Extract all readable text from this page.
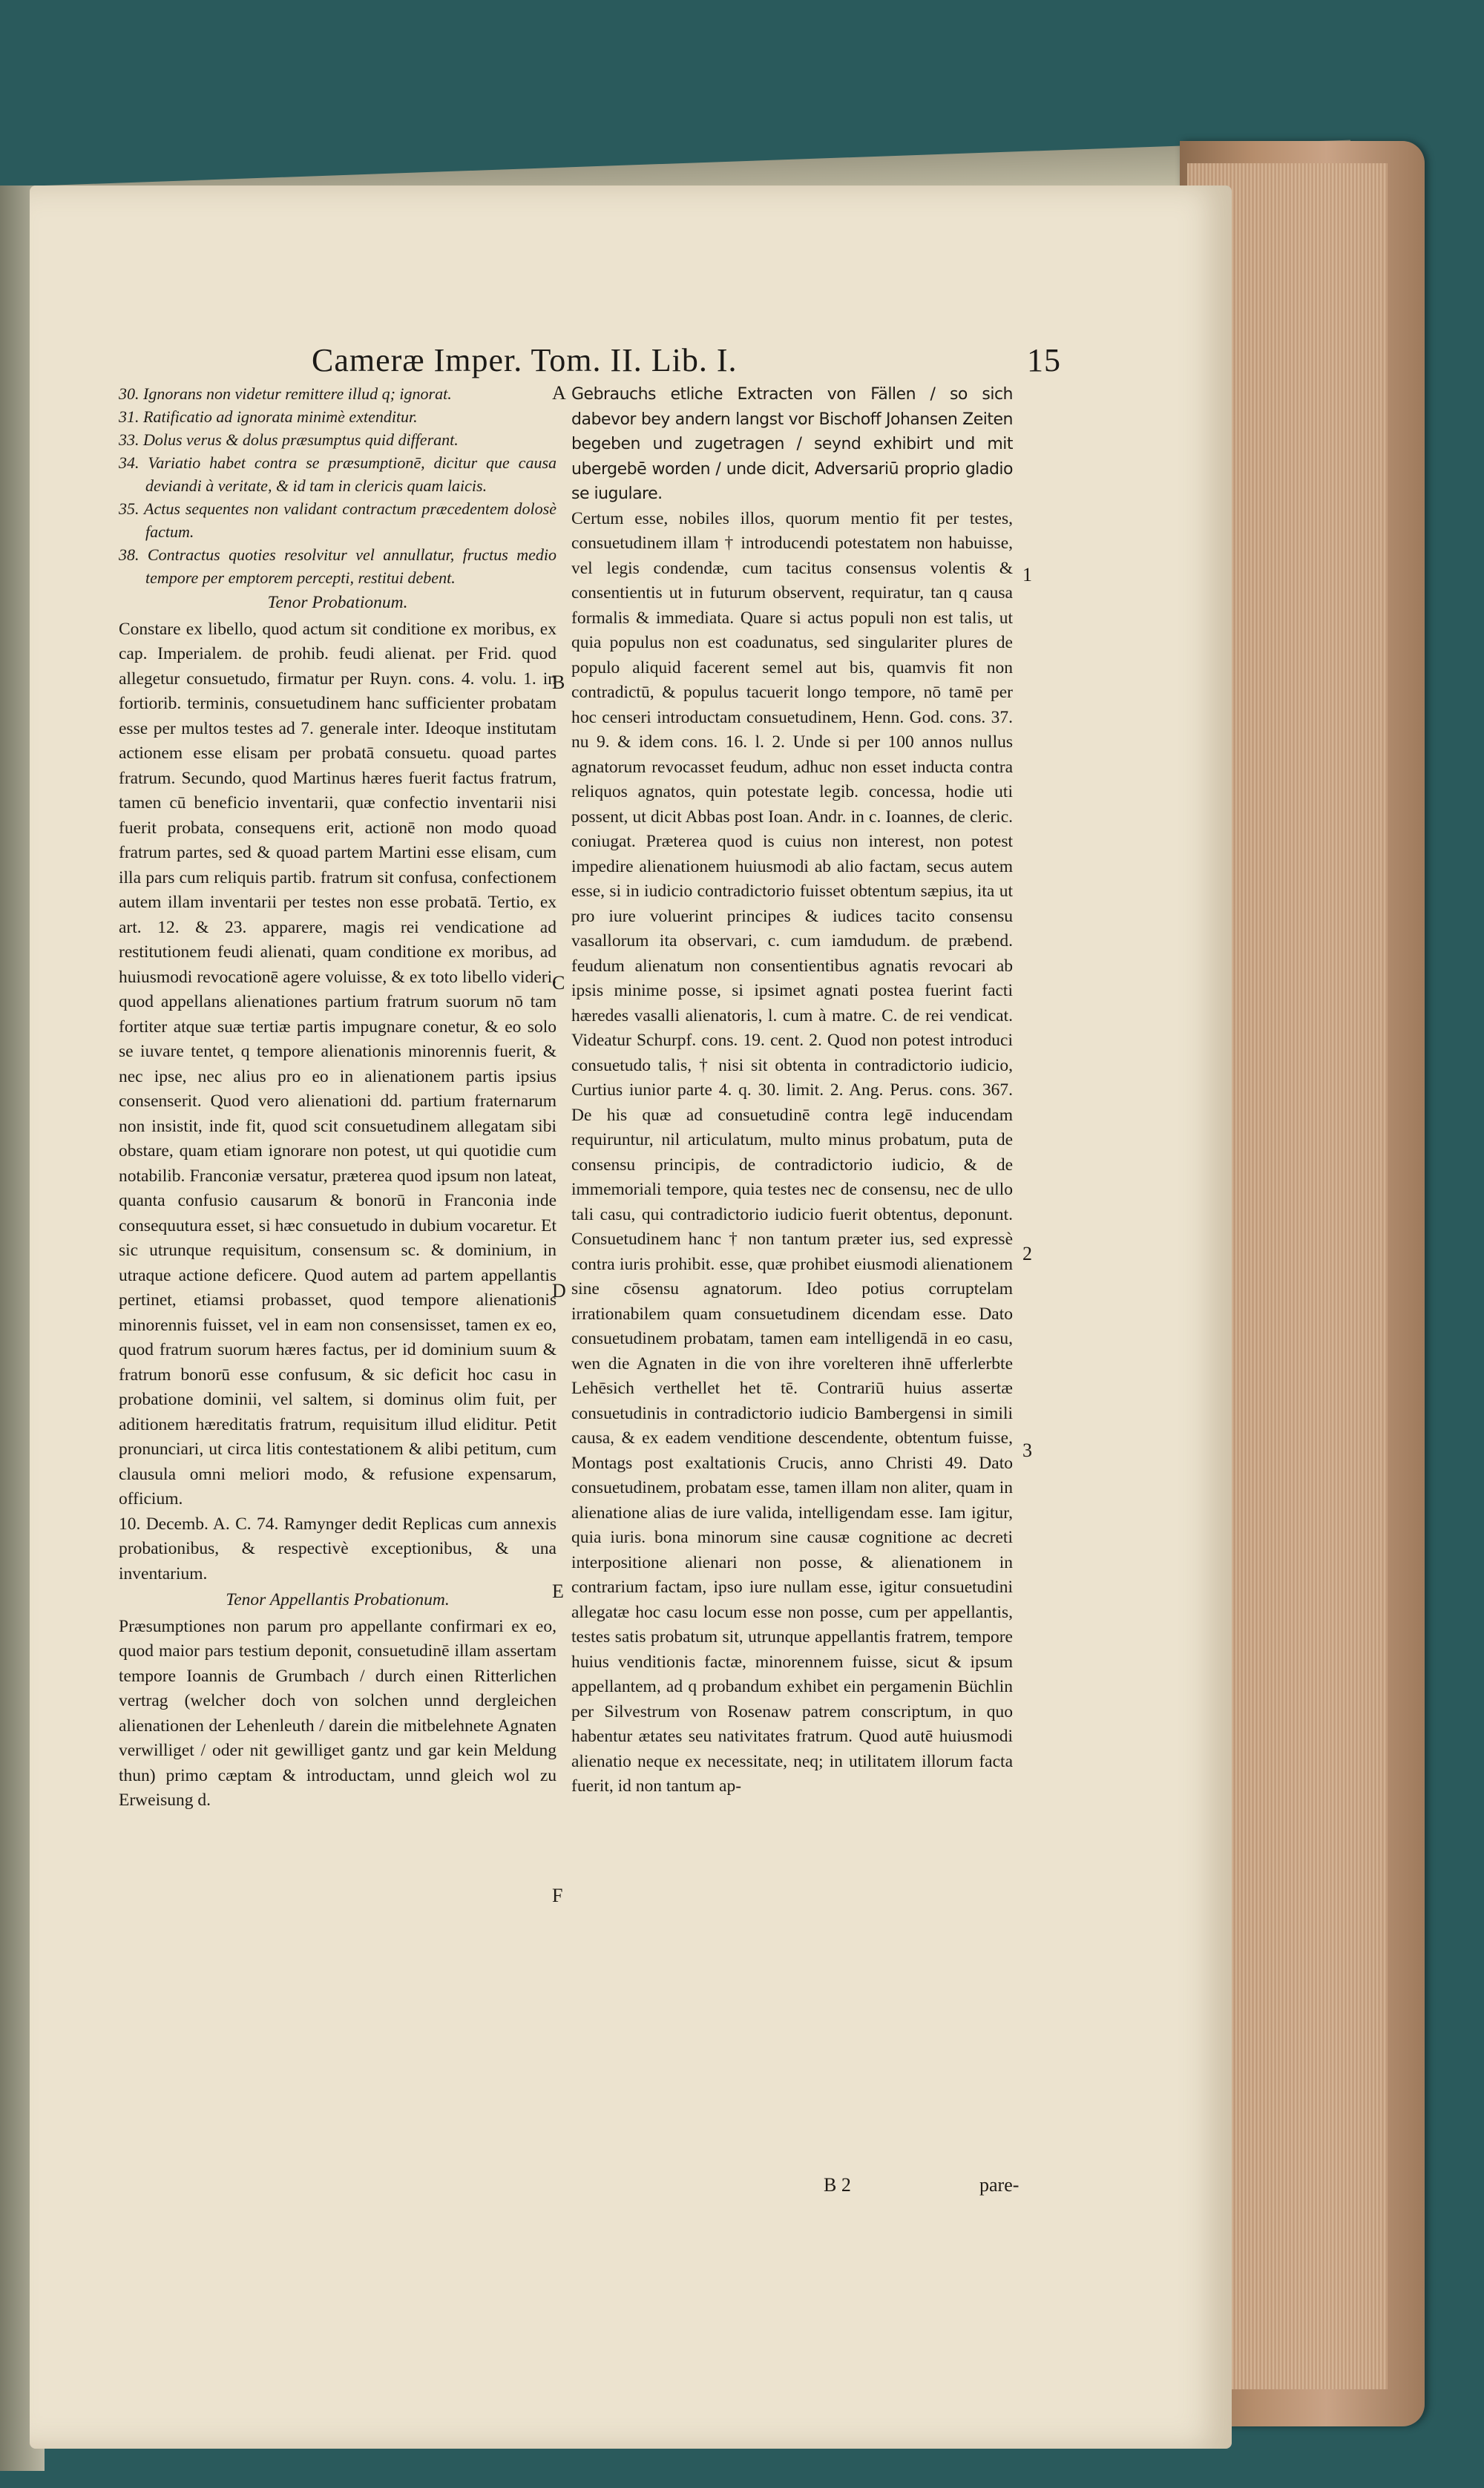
Cameræ Imper. Tom. II. Lib. I.	15

30. Ignorans non videtur remittere illud q; ignorat.

31. Ratificatio ad ignorata minimè extenditur.

33. Dolus verus & dolus præsumptus quid differant.

34. Variatio habet contra se præsumptionē, dicitur que causa deviandi à veritate, & id tam in clericis quam laicis.

35. Actus sequentes non validant contractum præcedentem dolosè factum.

38. Contractus quoties resolvitur vel annullatur, fructus medio tempore per emptorem percepti, restitui debent.

Tenor Probationum.

Constare ex libello, quod actum sit conditione ex moribus, ex cap. Imperialem. de prohib. feudi alienat. per Frid. quod allegetur consuetudo, firmatur per Ruyn. cons. 4. volu. 1. in fortiorib. terminis, consuetudinem hanc sufficienter probatam esse per multos testes ad 7. generale inter. Ideoque institutam actionem esse elisam per probatā consuetu. quoad partes fratrum. Secundo, quod Martinus hæres fuerit factus fratrum, tamen cū beneficio inventarii, quæ confectio inventarii nisi fuerit probata, consequens erit, actionē non modo quoad fratrum partes, sed & quoad partem Martini esse elisam, cum illa pars cum reliquis partib. fratrum sit confusa, confectionem autem illam inventarii per testes non esse probatā. Tertio, ex art. 12. & 23. apparere, magis rei vendicatione ad restitutionem feudi alienati, quam conditione ex moribus, ad huiusmodi revocationē agere voluisse, & ex toto libello videri, quod appellans alienationes partium fratrum suorum nō tam fortiter atque suæ tertiæ partis impugnare conetur, & eo solo se iuvare tentet, q tempore alienationis minorennis fuerit, & nec ipse, nec alius pro eo in alienationem partis ipsius consenserit. Quod vero alienationi dd. partium fraternarum non insistit, inde fit, quod scit consuetudinem allegatam sibi obstare, quam etiam ignorare non potest, ut qui quotidie cum notabilib. Franconiæ versatur, præterea quod ipsum non lateat, quanta confusio causarum & bonorū in Franconia inde consequutura esset, si hæc consuetudo in dubium vocaretur. Et sic utrunque requisitum, consensum sc. & dominium, in utraque actione deficere. Quod autem ad partem appellantis pertinet, etiamsi probasset, quod tempore alienationis minorennis fuisset, vel in eam non consensisset, tamen ex eo, quod fratrum suorum hæres factus, per id dominium suum & fratrum bonorū esse confusum, & sic deficit hoc casu in probatione dominii, vel saltem, si dominus olim fuit, per aditionem hæreditatis fratrum, requisitum illud eliditur. Petit pronunciari, ut circa litis contestationem & alibi petitum, cum clausula omni meliori modo, & refusione expensarum, officium.

10. Decemb. A. C. 74. Ramynger dedit Replicas cum annexis probationibus, & respectivè exceptionibus, & una inventarium.

Tenor Appellantis Probationum.

Præsumptiones non parum pro appellante confirmari ex eo, quod maior pars testium deponit, consuetudinē illam assertam tempore Ioannis de Grumbach / durch einen Ritterlichen vertrag (welcher doch von solchen unnd dergleichen alienationen der Lehenleuth / darein die mitbelehnete Agnaten verwilliget / oder nit gewilliget gantz und gar kein Meldung thun) primo cæptam & introductam, unnd gleich wol zu Erweisung d.

Gebrauchs etliche Extracten von Fällen / so sich dabevor bey andern langst vor Bischoff Johansen Zeiten begeben und zugetragen / seynd exhibirt und mit ubergebē worden / unde dicit, Adversariū proprio gladio se iugulare.

Certum esse, nobiles illos, quorum mentio fit per testes, consuetudinem illam † introducendi potestatem non habuisse, vel legis condendæ, cum tacitus consensus volentis & consentientis ut in futurum observent, requiratur, tan q causa formalis & immediata. Quare si actus populi non est talis, ut quia populus non est coadunatus, sed singulariter plures de populo aliquid facerent semel aut bis, quamvis fit non contradictū, & populus tacuerit longo tempore, nō tamē per hoc censeri introductam consuetudinem, Henn. God. cons. 37. nu 9. & idem cons. 16. l. 2. Unde si per 100 annos nullus agnatorum revocasset feudum, adhuc non esset inducta contra reliquos agnatos, quin potestate legib. concessa, hodie uti possent, ut dicit Abbas post Ioan. Andr. in c. Ioannes, de cleric. coniugat. Præterea quod is cuius non interest, non potest impedire alienationem huiusmodi ab alio factam, secus autem esse, si in iudicio contradictorio fuisset obtentum sæpius, ita ut pro iure voluerint principes & iudices tacito consensu vasallorum ita observari, c. cum iamdudum. de præbend. feudum alienatum non consentientibus agnatis revocari ab ipsis minime posse, si ipsimet agnati postea fuerint facti hæredes vasalli alienatoris, l. cum à matre. C. de rei vendicat. Videatur Schurpf. cons. 19. cent. 2. Quod non potest introduci consuetudo talis, † nisi sit obtenta in contradictorio iudicio, Curtius iunior parte 4. q. 30. limit. 2. Ang. Perus. cons. 367. De his quæ ad consuetudinē contra legē inducendam requiruntur, nil articulatum, multo minus probatum, puta de consensu principis, de contradictorio iudicio, & de immemoriali tempore, quia testes nec de consensu, nec de ullo tali casu, qui contradictorio iudicio fuerit obtentus, deponunt. Consuetudinem hanc † non tantum præter ius, sed expressè contra iuris prohibit. esse, quæ prohibet eiusmodi alienationem sine cōsensu agnatorum. Ideo potius corruptelam irrationabilem quam consuetudinem dicendam esse. Dato consuetudinem probatam, tamen eam intelligendā in eo casu, wen die Agnaten in die von ihre vorelteren ihnē ufferlerbte Lehēsich verthellet het tē. Contrariū huius assertæ consuetudinis in contradictorio iudicio Bambergensi in simili causa, & ex eadem venditione descendente, obtentum fuisse, Montags post exaltationis Crucis, anno Christi 49. Dato consuetudinem, probatam esse, tamen illam non aliter, quam in alienatione alias de iure valida, intelligendam esse. Iam igitur, quia iuris. bona minorum sine causæ cognitione ac decreti interpositione alienari non posse, & alienationem in contrarium factam, ipso iure nullam esse, igitur consuetudini allegatæ hoc casu locum esse non posse, cum per appellantis, testes satis probatum sit, utrunque appellantis fratrem, tempore huius venditionis factæ, minorennem fuisse, sicut & ipsum appellantem, ad q probandum exhibet ein pergamenin Büchlin per Silvestrum von Rosenaw patrem conscriptum, in quo habentur ætates seu nativitates fratrum. Quod autē huiusmodi alienatio neque ex necessitate, neq; in utilitatem illorum facta fuerit, id non tantum ap-

A
B
C
D
E
F
1
2
3
B 2	pare-
